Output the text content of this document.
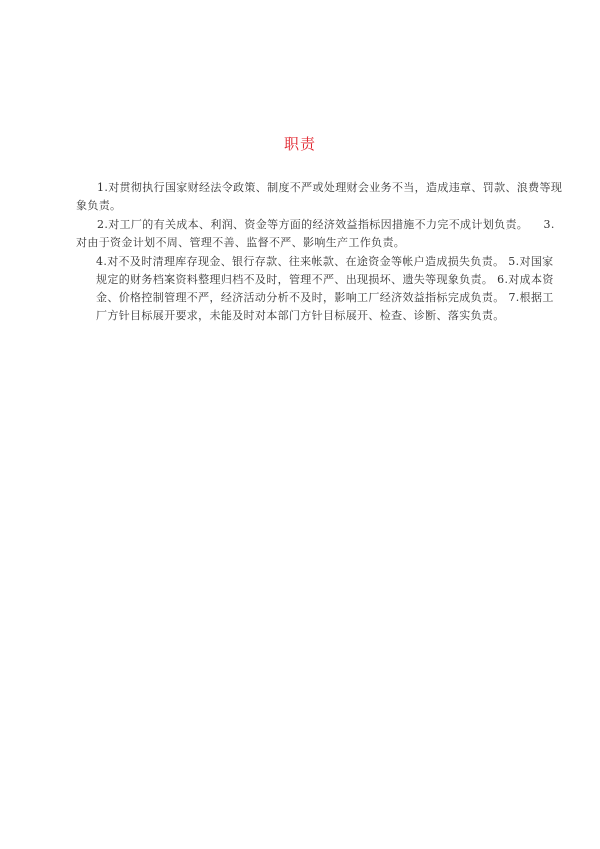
职责
1.对贯彻执行国家财经法令政策、制度不严或处理财会业务不当，造成违章、罚款、浪费等现
象负责。
2.对工厂的有关成本、利润、资金等方面的经济效益指标因措施不力完不成计划负责。    3.
对由于资金计划不周、管理不善、监督不严、影响生产工作负责。
4.对不及时清理库存现金、银行存款、往来帐款、在途资金等帐户造成损失负责。 5.对国家
规定的财务档案资料整理归档不及时，管理不严、出现损坏、遗失等现象负责。 6.对成本资
金、价格控制管理不严，经济活动分析不及时，影响工厂经济效益指标完成负责。 7.根据工
厂方针目标展开要求，未能及时对本部门方针目标展开、检查、诊断、落实负责。
